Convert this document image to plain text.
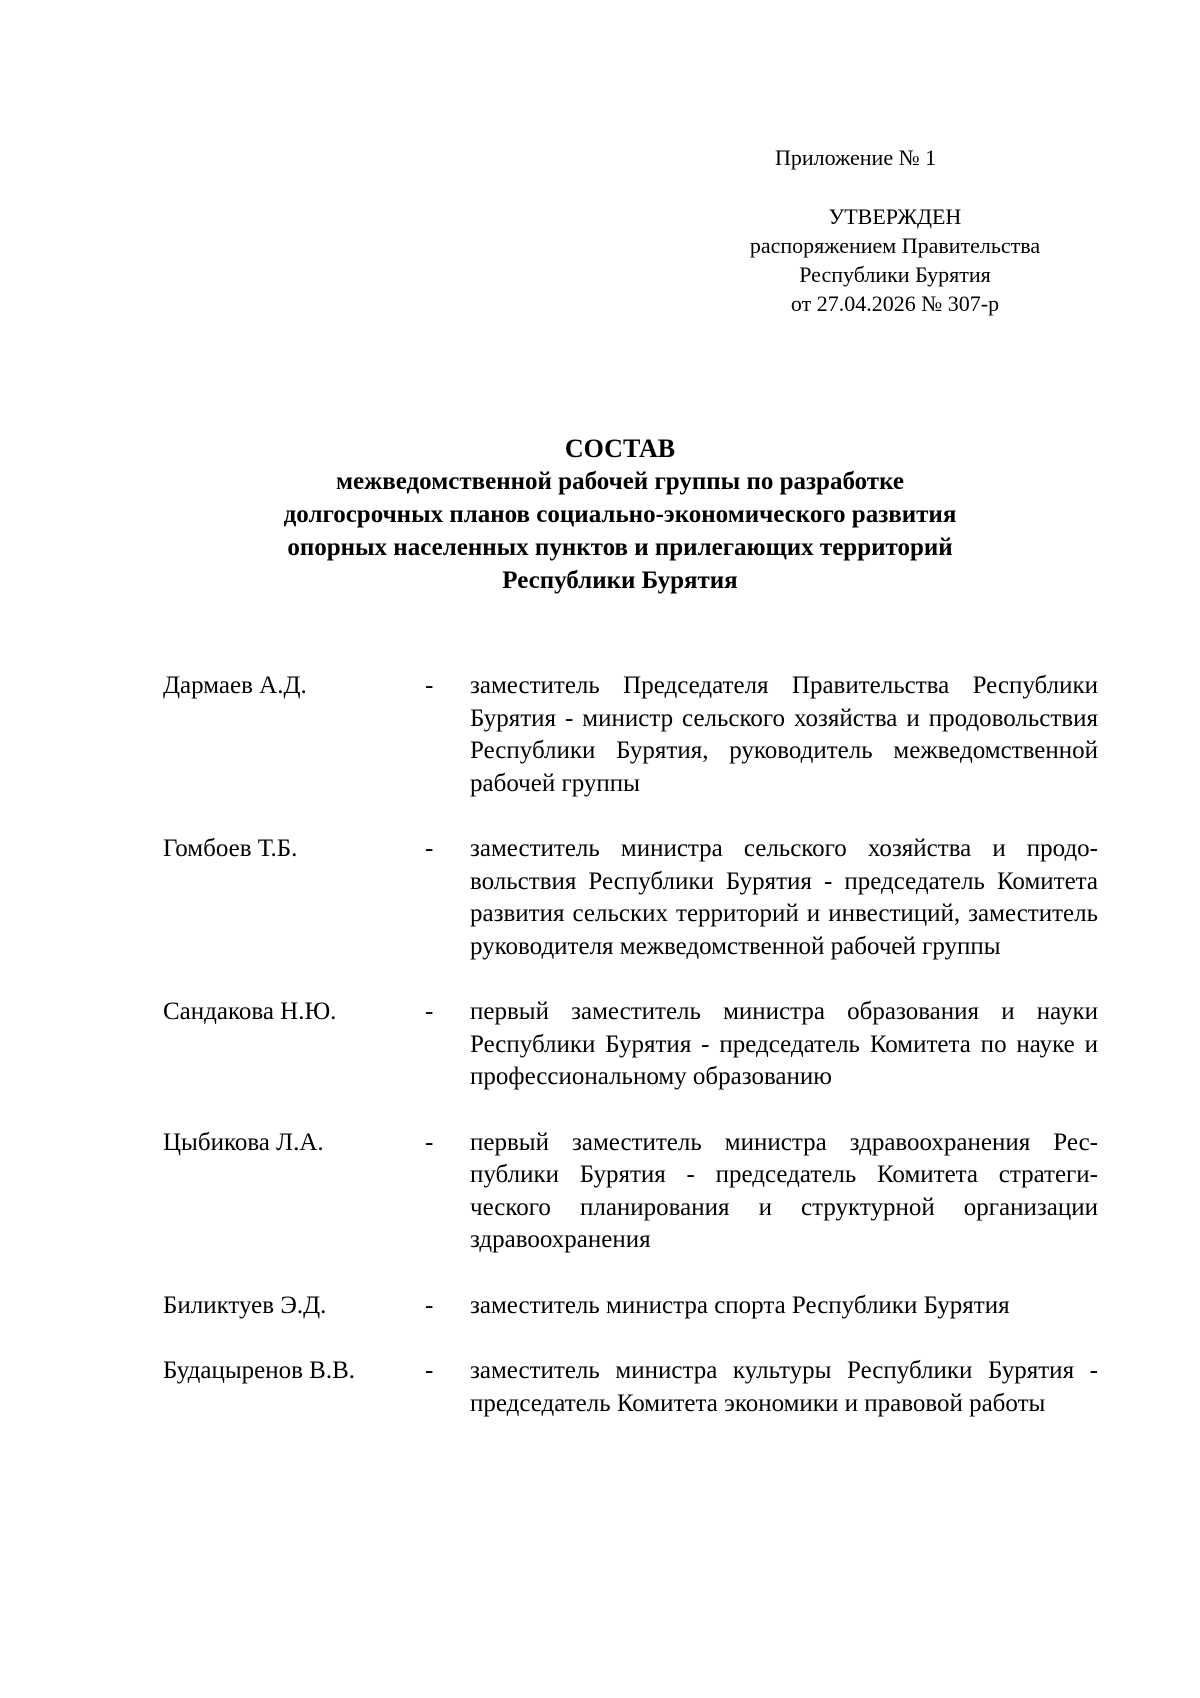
Приложение № 1
УТВЕРЖДЕН
распоряжением Правительства
Республики Бурятия
от 27.04.2026 № 307-р
СОСТАВ
межведомственной рабочей группы по разработке
долгосрочных планов социально-экономического развития
опорных населенных пунктов и прилегающих территорий
Республики Бурятия
Дармаев А.Д.	-	заместитель Председателя Правительства Республики Бурятия - министр сельского хозяйства и продовольствия Республики Бурятия, руководитель межведомственной рабочей группы
Гомбоев Т.Б.	-	заместитель министра сельского хозяйства и продовольствия Республики Бурятия - председатель Комитета развития сельских территорий и инвестиций, заместитель руководителя межведомственной рабочей группы
Сандакова Н.Ю.	-	первый заместитель министра образования и науки Республики Бурятия - председатель Комитета по науке и профессиональному образованию
Цыбикова Л.А.	-	первый заместитель министра здравоохранения Республики Бурятия - председатель Комитета стратегического планирования и структурной организации здравоохранения
Биликтуев Э.Д.	-	заместитель министра спорта Республики Бурятия
Будацыренов В.В.	-	заместитель министра культуры Республики Бурятия - председатель Комитета экономики и правовой работы
